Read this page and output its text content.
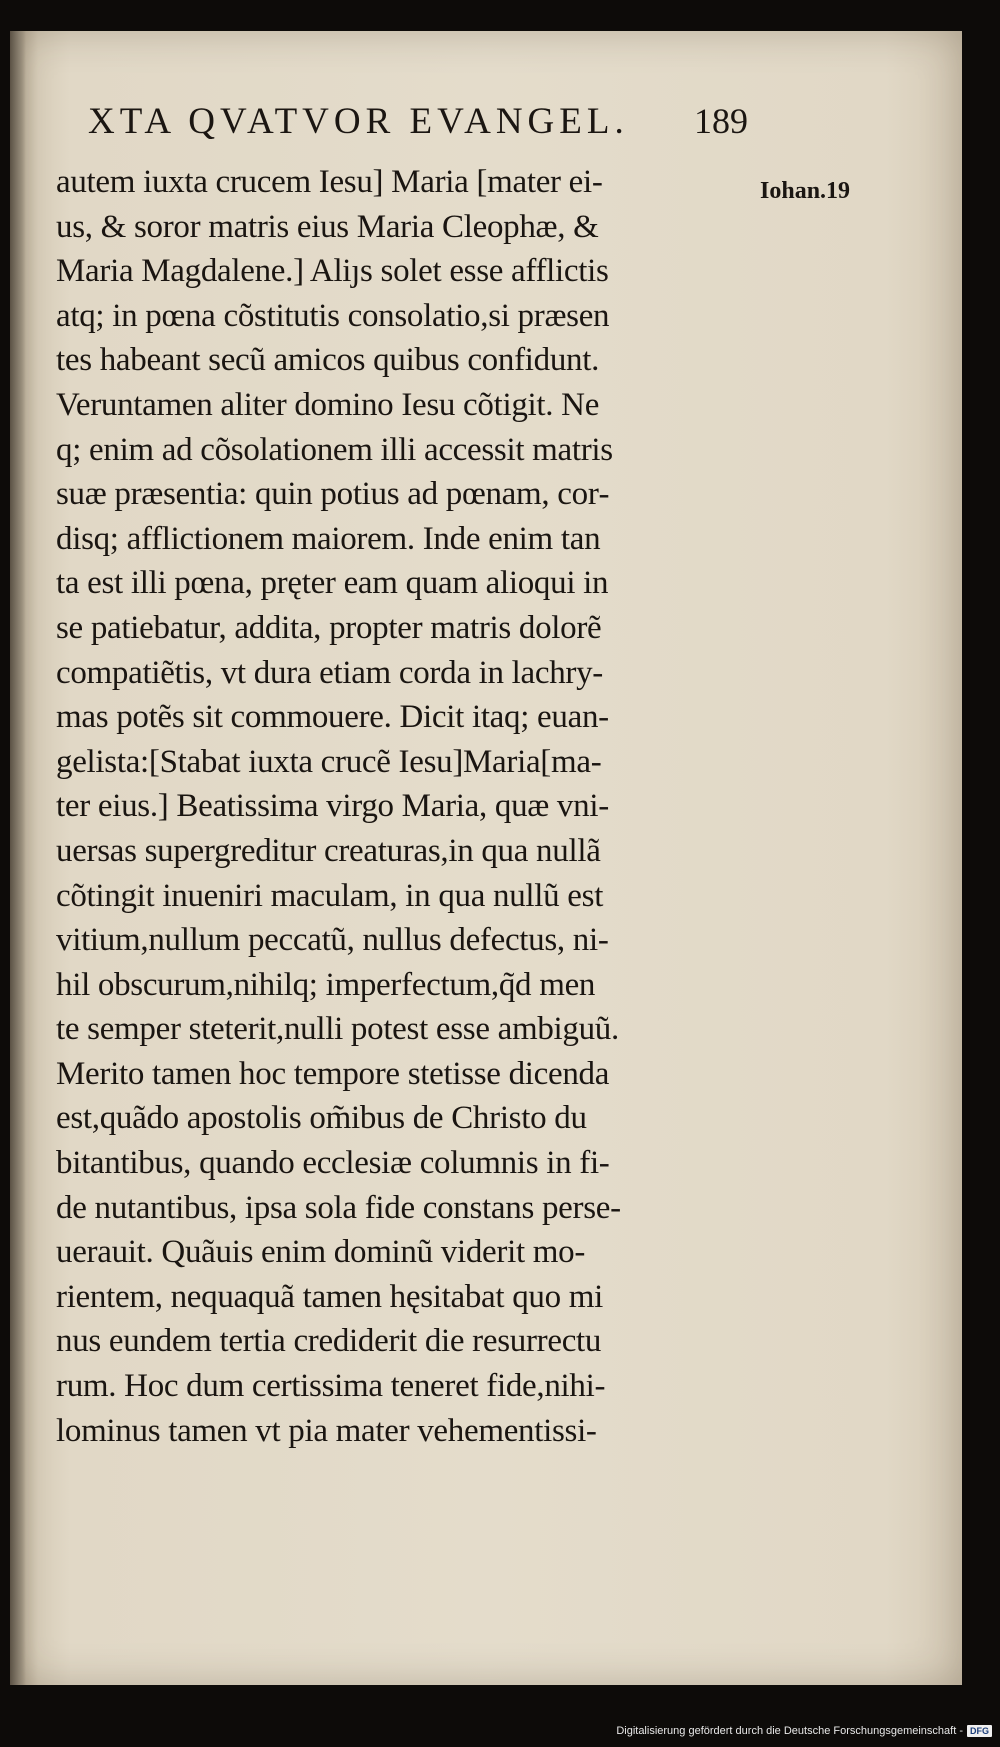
XTA QVATVOR EVANGEL. 189
Iohan.19
autem iuxta crucem Iesu] Maria [mater ei‑
us, & soror matris eius Maria Cleophæ, &
Maria Magdalene.] Aliȷs solet esse afflictis
atq; in pœna cõstitutis consolatio,si præsen
tes habeant secũ amicos quibus confidunt.
Veruntamen aliter domino Iesu cõtigit. Ne
q; enim ad cõsolationem illi accessit matris
suæ præsentia: quin potius ad pœnam, cor‑
disq; afflictionem maiorem. Inde enim tan
ta est illi pœna, pręter eam quam alioqui in
se patiebatur, addita, propter matris dolorẽ
compatiẽtis, vt dura etiam corda in lachry‑
mas potẽs sit commouere. Dicit itaq; euan‑
gelista:[Stabat iuxta crucẽ Iesu]Maria[ma‑
ter eius.] Beatissima virgo Maria, quæ vni‑
uersas supergreditur creaturas,in qua nullã
cõtingit inueniri maculam, in qua nullũ est
vitium,nullum peccatũ, nullus defectus, ni‑
hil obscurum,nihilq; imperfectum,q̃d men
te semper steterit,nulli potest esse ambiguũ.
Merito tamen hoc tempore stetisse dicenda
est,quãdo apostolis om̃ibus de Christo du
bitantibus, quando ecclesiæ columnis in fi‑
de nutantibus, ipsa sola fide constans perse‑
uerauit. Quãuis enim dominũ viderit mo‑
rientem, nequaquã tamen hęsitabat quo mi
nus eundem tertia crediderit die resurrectu
rum. Hoc dum certissima teneret fide,nihi‑
lominus tamen vt pia mater vehementissi‑
Digitalisierung gefördert durch die Deutsche Forschungsgemeinschaft - DFG
